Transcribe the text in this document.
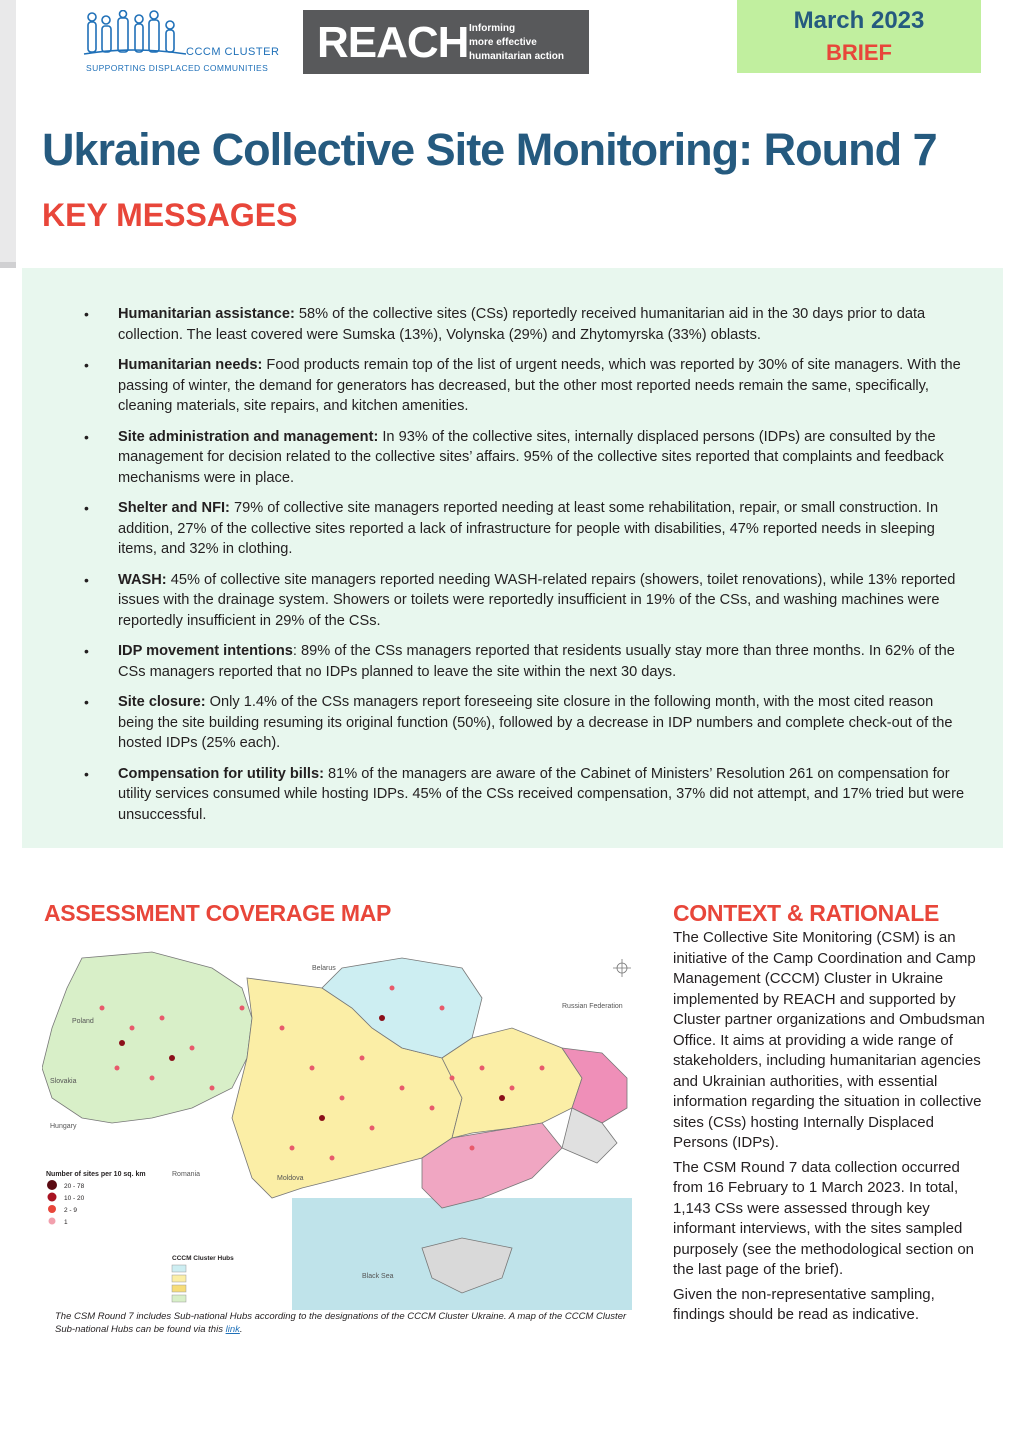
CCCM CLUSTER
SUPPORTING DISPLACED COMMUNITIES
REACH Informing
more effective
humanitarian action
March 2023
BRIEF
Ukraine Collective Site Monitoring: Round 7
KEY MESSAGES
• Humanitarian assistance: 58% of the collective sites (CSs) reportedly received humanitarian aid in the 30 days prior to data collection. The least covered were Sumska (13%), Volynska (29%) and Zhytomyrska (33%) oblasts.
• Humanitarian needs: Food products remain top of the list of urgent needs, which was reported by 30% of site managers. With the passing of winter, the demand for generators has decreased, but the other most reported needs remain the same, specifically, cleaning materials, site repairs, and kitchen amenities.
• Site administration and management: In 93% of the collective sites, internally displaced persons (IDPs) are consulted by the management for decision related to the collective sites’ affairs. 95% of the collective sites reported that complaints and feedback mechanisms were in place.
• Shelter and NFI: 79% of collective site managers reported needing at least some rehabilitation, repair, or small construction. In addition, 27% of the collective sites reported a lack of infrastructure for people with disabilities, 47% reported needs in sleeping items, and 32% in clothing.
• WASH: 45% of collective site managers reported needing WASH-related repairs (showers, toilet renovations), while 13% reported issues with the drainage system. Showers or toilets were reportedly insufficient in 19% of the CSs, and washing machines were reportedly insufficient in 29% of the CSs.
• IDP movement intentions: 89% of the CSs managers reported that residents usually stay more than three months. In 62% of the CSs managers reported that no IDPs planned to leave the site within the next 30 days.
• Site closure: Only 1.4% of the CSs managers report foreseeing site closure in the following month, with the most cited reason being the site building resuming its original function (50%), followed by a decrease in IDP numbers and complete check-out of the hosted IDPs (25% each).
• Compensation for utility bills: 81% of the managers are aware of the Cabinet of Ministers’ Resolution 261 on compensation for utility services consumed while hosting IDPs. 45% of the CSs received compensation, 37% did not attempt, and 17% tried but were unsuccessful.
ASSESSMENT COVERAGE MAP
Belarus
Poland
Russian Federation
Slovakia
Hungary
Romania
Moldova
Black Sea
Number of sites per 10 sq. km
20 - 78
10 - 20
2 - 9
1
CCCM Cluster Hubs
The CSM Round 7 includes Sub-national Hubs according to the designations of the CCCM Cluster Ukraine. A map of the CCCM Cluster Sub-national Hubs can be found via this link.
CONTEXT & RATIONALE

The Collective Site Monitoring (CSM) is an initiative of the Camp Coordination and Camp Management (CCCM) Cluster in Ukraine implemented by REACH and supported by Cluster partner organizations and Ombudsman Office. It aims at providing a wide range of stakeholders, including humanitarian agencies and Ukrainian authorities, with essential information regarding the situation in collective sites (CSs) hosting Internally Displaced Persons (IDPs).

The CSM Round 7 data collection occurred from 16 February to 1 March 2023. In total, 1,143 CSs were assessed through key informant interviews, with the sites sampled purposely (see the methodological section on the last page of the brief).

Given the non-representative sampling, findings should be read as indicative.
